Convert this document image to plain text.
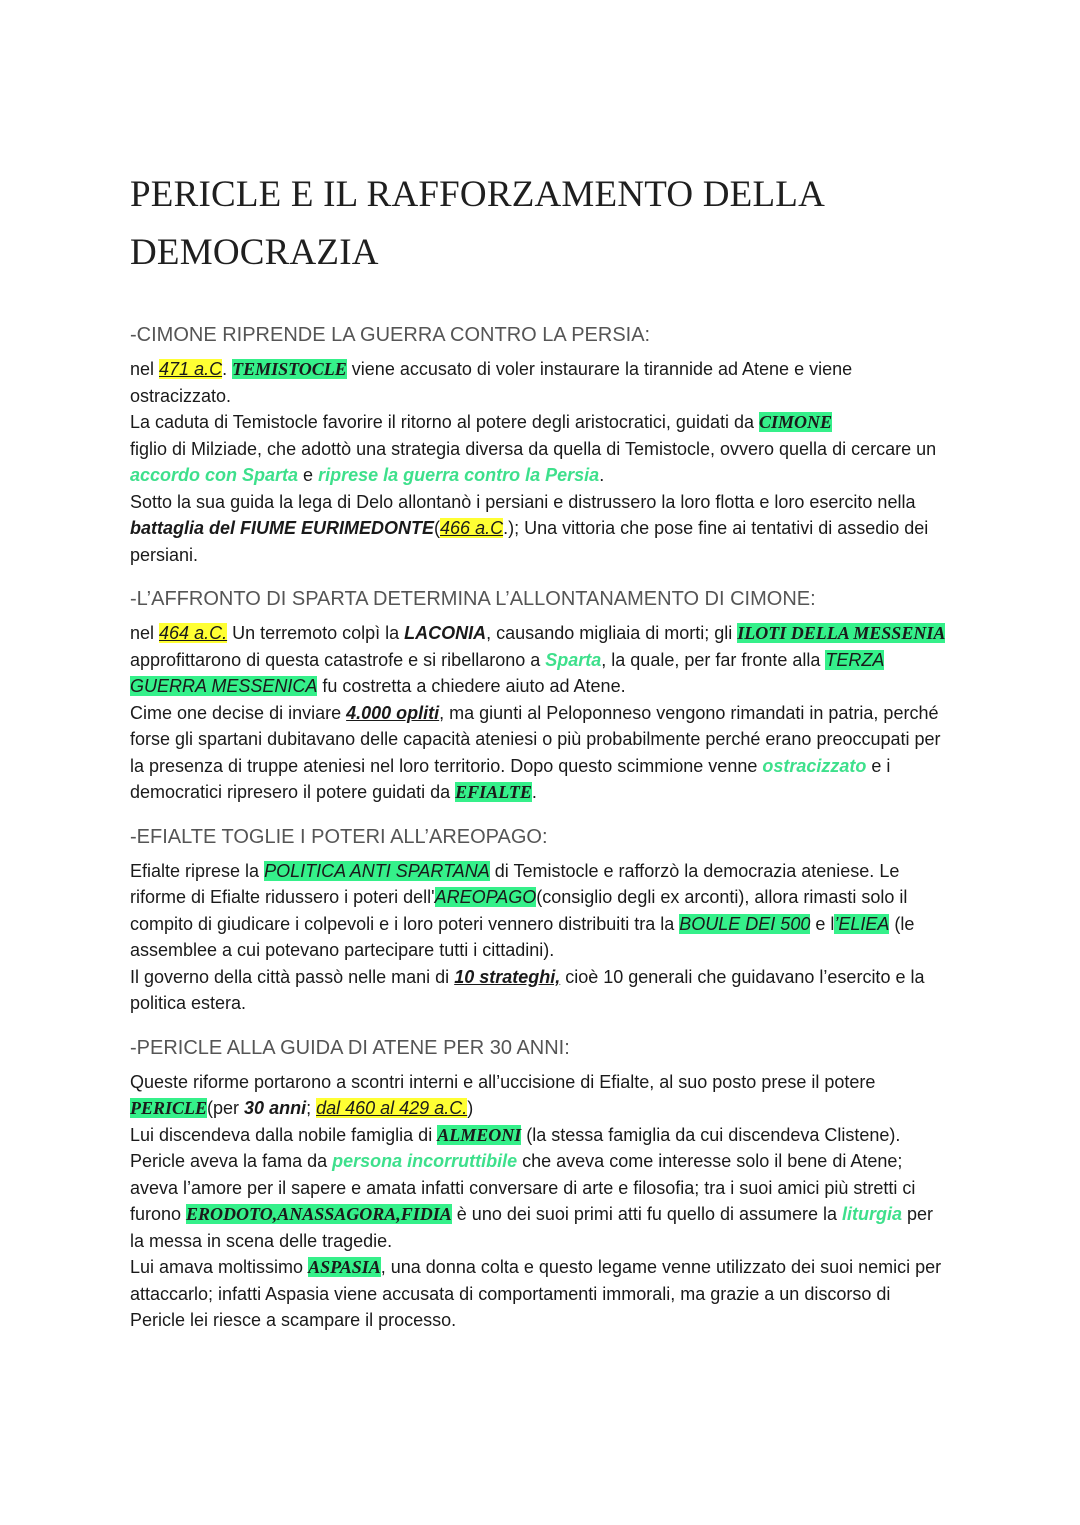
PERICLE E IL RAFFORZAMENTO DELLA DEMOCRAZIA
-CIMONE RIPRENDE LA GUERRA CONTRO LA PERSIA:

nel 471 a.C. TEMISTOCLE viene accusato di voler instaurare la tirannide ad Atene e viene ostracizzato.
La caduta di Temistocle favorire il ritorno al potere degli aristocratici, guidati da CIMONE
figlio di Milziade, che adottò una strategia diversa da quella di Temistocle, ovvero quella di cercare un accordo con Sparta e riprese la guerra contro la Persia.
Sotto la sua guida la lega di Delo allontanò i persiani e distrussero la loro flotta e loro esercito nella battaglia del FIUME EURIMEDONTE(466 a.C.); Una vittoria che pose fine ai tentativi di assedio dei persiani.

-L’AFFRONTO DI SPARTA DETERMINA L’ALLONTANAMENTO DI CIMONE:

nel 464 a.C. Un terremoto colpì la LACONIA, causando migliaia di morti; gli ILOTI DELLA MESSENIA approfittarono di questa catastrofe e si ribellarono a Sparta, la quale, per far fronte alla TERZA GUERRA MESSENICA fu costretta a chiedere aiuto ad Atene.
Cime one decise di inviare 4.000 opliti, ma giunti al Peloponneso vengono rimandati in patria, perché forse gli spartani dubitavano delle capacità ateniesi o più probabilmente perché erano preoccupati per la presenza di truppe ateniesi nel loro territorio. Dopo questo scimmione venne ostracizzato e i democratici ripresero il potere guidati da EFIALTE.

-EFIALTE TOGLIE I POTERI ALL’AREOPAGO:

Efialte riprese la POLITICA ANTI SPARTANA di Temistocle e rafforzò la democrazia ateniese. Le riforme di Efialte ridussero i poteri dell'AREOPAGO(consiglio degli ex arconti), allora rimasti solo il compito di giudicare i colpevoli e i loro poteri vennero distribuiti tra la BOULE DEI 500 e l’ELIEA (le assemblee a cui potevano partecipare tutti i cittadini).
Il governo della città passò nelle mani di 10 strateghi, cioè 10 generali che guidavano l’esercito e la politica estera.

-PERICLE ALLA GUIDA DI ATENE PER 30 ANNI:

Queste riforme portarono a scontri interni e all’uccisione di Efialte, al suo posto prese il potere PERICLE(per 30 anni; dal 460 al 429 a.C.)
Lui discendeva dalla nobile famiglia di ALMEONI (la stessa famiglia da cui discendeva Clistene). Pericle aveva la fama da persona incorruttibile che aveva come interesse solo il bene di Atene; aveva l’amore per il sapere e amata infatti conversare di arte e filosofia; tra i suoi amici più stretti ci furono ERODOTO,ANASSAGORA,FIDIA è uno dei suoi primi atti fu quello di assumere la liturgia per la messa in scena delle tragedie.
Lui amava moltissimo ASPASIA, una donna colta e questo legame venne utilizzato dei suoi nemici per attaccarlo; infatti Aspasia viene accusata di comportamenti immorali, ma grazie a un discorso di Pericle lei riesce a scampare il processo.
